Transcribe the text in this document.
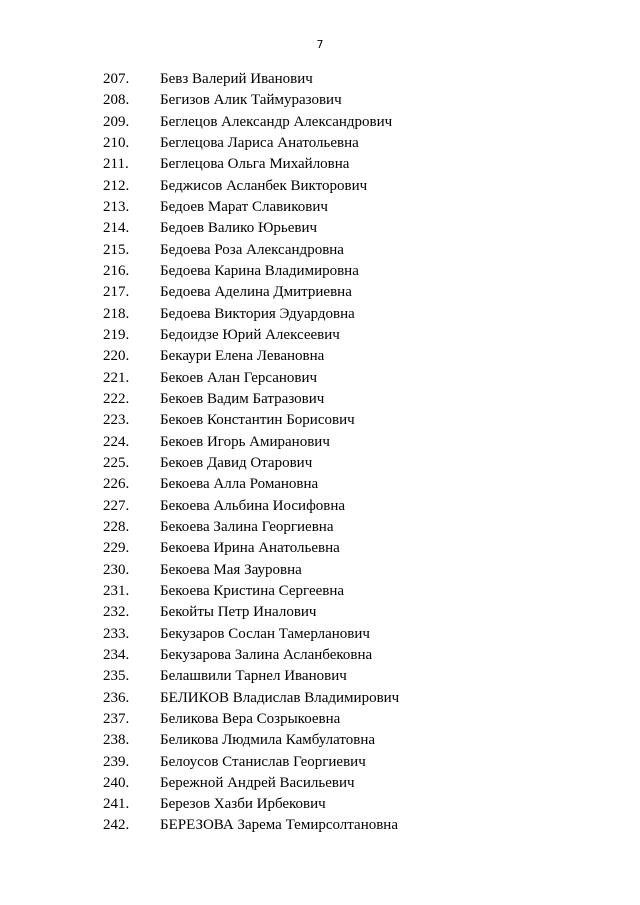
7
207. Бевз Валерий Иванович
208. Бегизов Алик Таймуразович
209. Беглецов Александр Александрович
210. Беглецова Лариса Анатольевна
211. Беглецова Ольга Михайловна
212. Беджисов Асланбек Викторович
213. Бедоев Марат Славикович
214. Бедоев Валико Юрьевич
215. Бедоева Роза Александровна
216. Бедоева Карина Владимировна
217. Бедоева Аделина Дмитриевна
218. Бедоева Виктория Эдуардовна
219. Бедоидзе Юрий Алексеевич
220. Бекаури Елена Левановна
221. Бекоев Алан Герсанович
222. Бекоев Вадим Батразович
223. Бекоев Константин Борисович
224. Бекоев Игорь Амиранович
225. Бекоев Давид Отарович
226. Бекоева Алла Романовна
227. Бекоева Альбина Иосифовна
228. Бекоева Залина Георгиевна
229. Бекоева Ирина Анатольевна
230. Бекоева Мая Зауровна
231. Бекоева Кристина Сергеевна
232. Бекойты Петр Иналович
233. Бекузаров Сослан Тамерланович
234. Бекузарова Залина Асланбековна
235. Белашвили Тарнел Иванович
236. БЕЛИКОВ Владислав Владимирович
237. Беликова Вера Созрыкоевна
238. Беликова Людмила Камбулатовна
239. Белоусов Станислав Георгиевич
240. Бережной Андрей Васильевич
241. Березов Хазби Ирбекович
242. БЕРЕЗОВА Зарема Темирсолтановна
